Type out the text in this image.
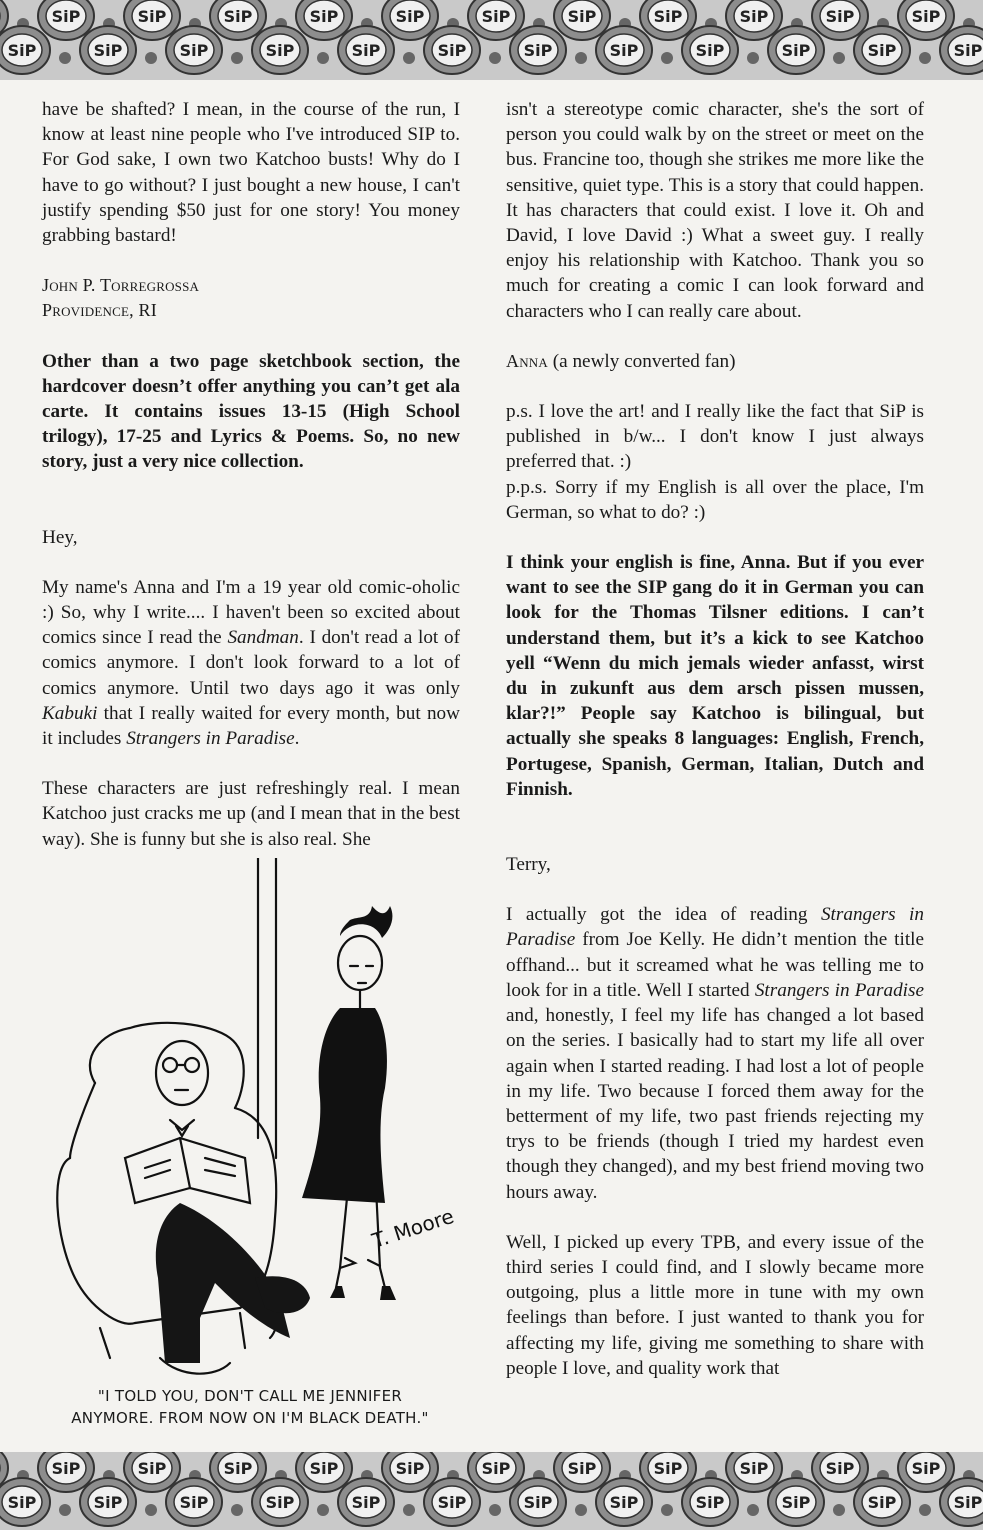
SiP	SiP	SiP	SiP	SiP	SiP	SiP	SiP	SiP	SiP	SiP
SiP	SiP	SiP	SiP	SiP	SiP	SiP	SiP	SiP	SiP	SiP	SiP

have be shafted? I mean, in the course of the run, I know at least nine people who I've introduced SIP to. For God sake, I own two Katchoo busts! Why do I have to go without? I just bought a new house, I can't justify spending $50 just for one story! You money grabbing bastard!

John P. Torregrossa

Providence, RI

Other than a two page sketchbook section, the hardcover doesn’t offer anything you can’t get ala carte. It contains issues 13-15 (High School trilogy), 17-25 and Lyrics & Poems. So, no new story, just a very nice collection.

Hey,

My name's Anna and I'm a 19 year old comic-oholic :) So, why I write.... I haven't been so excited about comics since I read the Sandman. I don't read a lot of comics anymore. I don't look forward to a lot of comics anymore. Until two days ago it was only Kabuki that I really waited for every month, but now it includes Strangers in Paradise.

These characters are just refreshingly real. I mean Katchoo just cracks me up (and I mean that in the best way). She is funny but she is also real. She

T. Moore
"I TOLD YOU, DON'T CALL ME JENNIFER
ANYMORE. FROM NOW ON I'M BLACK DEATH."

isn't a stereotype comic character, she's the sort of person you could walk by on the street or meet on the bus. Francine too, though she strikes me more like the sensitive, quiet type. This is a story that could happen. It has characters that could exist. I love it. Oh and David, I love David :) What a sweet guy. I really enjoy his relationship with Katchoo. Thank you so much for creating a comic I can look forward and characters who I can really care about.

Anna (a newly converted fan)

p.s. I love the art! and I really like the fact that SiP is published in b/w... I don't know I just always preferred that. :)

p.p.s. Sorry if my English is all over the place, I'm German, so what to do? :)

I think your english is fine, Anna. But if you ever want to see the SIP gang do it in German you can look for the Thomas Tilsner editions. I can’t understand them, but it’s a kick to see Katchoo yell “Wenn du mich jemals wieder anfasst, wirst du in zukunft aus dem arsch pissen mussen, klar?!” People say Katchoo is bilingual, but actually she speaks 8 languages: English, French, Portugese, Spanish, German, Italian, Dutch and Finnish.

Terry,

I actually got the idea of reading Strangers in Paradise from Joe Kelly. He didn’t mention the title offhand... but it screamed what he was telling me to look for in a title. Well I started Strangers in Paradise and, honestly, I feel my life has changed a lot based on the series. I basically had to start my life all over again when I started reading. I had lost a lot of people in my life. Two because I forced them away for the betterment of my life, two past friends rejecting my trys to be friends (though I tried my hardest even though they changed), and my best friend moving two hours away.

Well, I picked up every TPB, and every issue of the third series I could find, and I slowly became more outgoing, plus a little more in tune with my own feelings than before. I just wanted to thank you for affecting my life, giving me something to share with people I love, and quality work that

SiP	SiP	SiP	SiP	SiP	SiP	SiP	SiP	SiP	SiP	SiP
SiP	SiP	SiP	SiP	SiP	SiP	SiP	SiP	SiP	SiP	SiP	SiP
